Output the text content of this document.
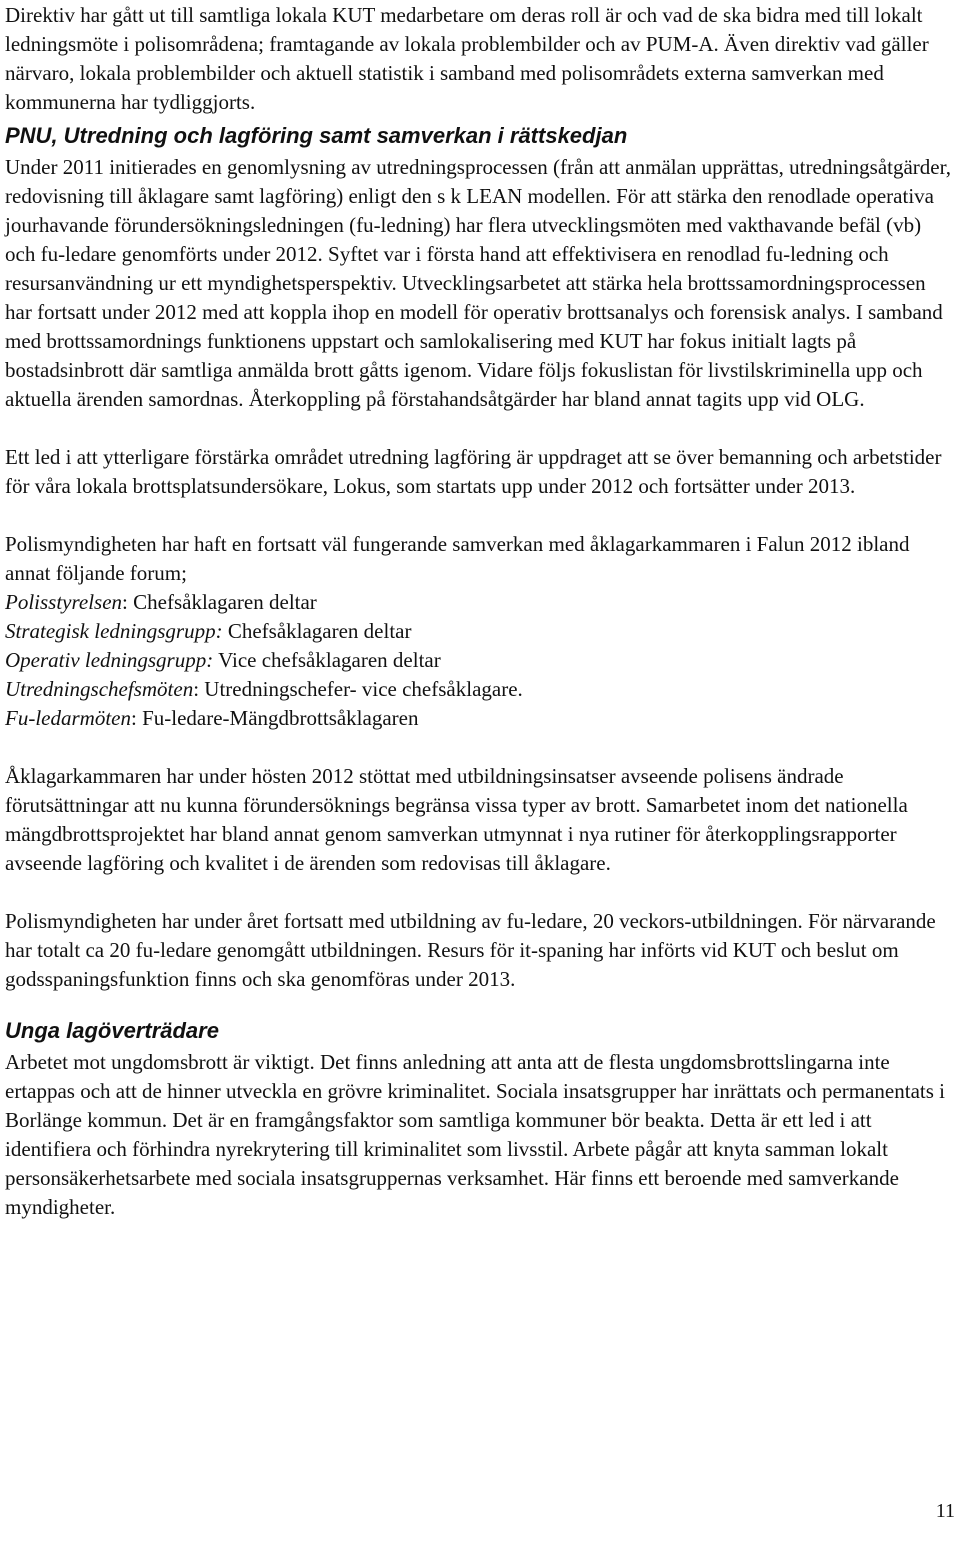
Direktiv har gått ut till samtliga lokala KUT medarbetare om deras roll är och vad de ska bidra med till lokalt ledningsmöte i polisområdena; framtagande av lokala problembilder och av PUM-A. Även direktiv vad gäller närvaro, lokala problembilder och aktuell statistik i samband med polisområdets externa samverkan med kommunerna har tydliggjorts.

PNU, Utredning och lagföring samt samverkan i rättskedjan

Under 2011 initierades en genomlysning av utredningsprocessen (från att anmälan upprättas, utredningsåtgärder, redovisning till åklagare samt lagföring) enligt den s k LEAN modellen. För att stärka den renodlade operativa jourhavande förundersökningsledningen (fu-ledning) har flera utvecklingsmöten med vakthavande befäl (vb) och fu-ledare genomförts under 2012. Syftet var i första hand att effektivisera en renodlad fu-ledning och resursanvändning ur ett myndighetsperspektiv. Utvecklingsarbetet att stärka hela brottssamordningsprocessen har fortsatt under 2012 med att koppla ihop en modell för operativ brottsanalys och forensisk analys. I samband med brottssamordnings funktionens uppstart och samlokalisering med KUT har fokus initialt lagts på bostadsinbrott där samtliga anmälda brott gåtts igenom. Vidare följs fokuslistan för livstilskriminella upp och aktuella ärenden samordnas. Återkoppling på förstahandsåtgärder har bland annat tagits upp vid OLG.

Ett led i att ytterligare förstärka området utredning lagföring är uppdraget att se över bemanning och arbetstider för våra lokala brottsplatsundersökare, Lokus, som startats upp under 2012 och fortsätter under 2013.

Polismyndigheten har haft en fortsatt väl fungerande samverkan med åklagarkammaren i Falun 2012 ibland annat följande forum;

Polisstyrelsen: Chefsåklagaren deltar
Strategisk ledningsgrupp: Chefsåklagaren deltar
Operativ ledningsgrupp: Vice chefsåklagaren deltar
Utredningschefsmöten: Utredningschefer- vice chefsåklagare.
Fu-ledarmöten: Fu-ledare-Mängdbrottsåklagaren

Åklagarkammaren har under hösten 2012 stöttat med utbildningsinsatser avseende polisens ändrade förutsättningar att nu kunna förundersöknings begränsa vissa typer av brott. Samarbetet inom det nationella mängdbrottsprojektet har bland annat genom samverkan utmynnat i nya rutiner för återkopplingsrapporter avseende lagföring och kvalitet i de ärenden som redovisas till åklagare.

Polismyndigheten har under året fortsatt med utbildning av fu-ledare, 20 veckors-utbildningen. För närvarande har totalt ca 20 fu-ledare genomgått utbildningen. Resurs för it-spaning har införts vid KUT och beslut om godsspaningsfunktion finns och ska genomföras under 2013.

Unga lagöverträdare

Arbetet mot ungdomsbrott är viktigt. Det finns anledning att anta att de flesta ungdomsbrottslingarna inte ertappas och att de hinner utveckla en grövre kriminalitet. Sociala insatsgrupper har inrättats och permanentats i Borlänge kommun. Det är en framgångsfaktor som samtliga kommuner bör beakta. Detta är ett led i att identifiera och förhindra nyrekrytering till kriminalitet som livsstil. Arbete pågår att knyta samman lokalt personsäkerhetsarbete med sociala insatsgruppernas verksamhet. Här finns ett beroende med samverkande myndigheter.

11
